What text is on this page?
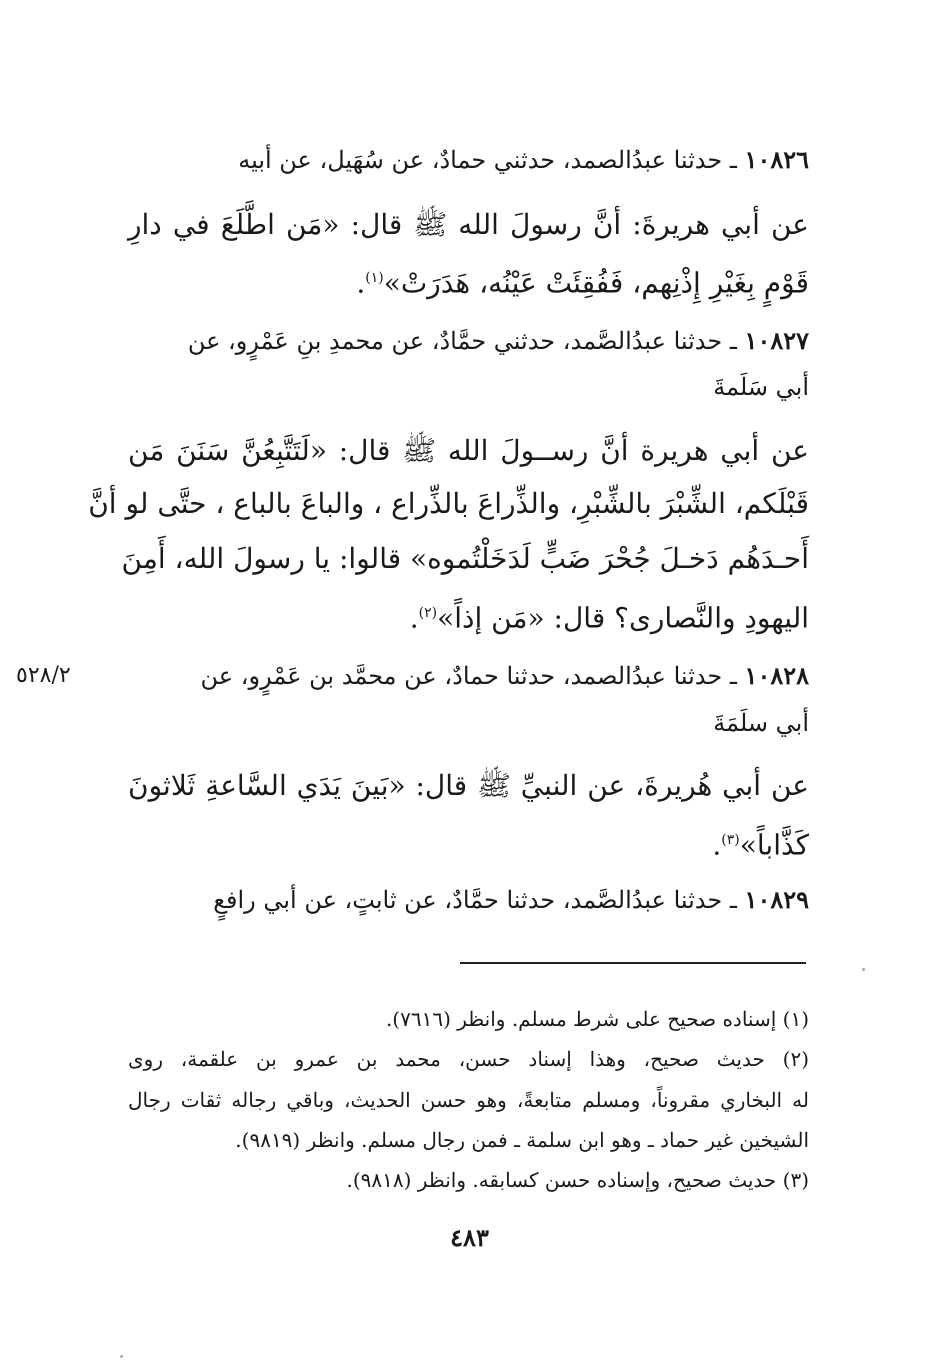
١٠٨٢٦ ـ حدثنا عبدُالصمد، حدثني حمادٌ، عن سُهَيل، عن أبيه
عن أبي هريرةَ: أنَّ رسولَ الله ﷺ قال: «مَن اطَّلَعَ في دارِ
قَوْمٍ بِغَيْرِ إِذْنِهم، فَفُقِئَتْ عَيْنُه، هَدَرَتْ»$^{(١)}$.
١٠٨٢٧ ـ حدثنا عبدُالصَّمد، حدثني حمَّادٌ، عن محمدِ بنِ عَمْرٍو، عن
أبي سَلَمةَ
عن أبي هريرة أنَّ رســولَ الله ﷺ قال: «لَتَتَّبِعُنَّ سَنَنَ مَن
قَبْلَكم، الشِّبْرَ بالشِّبْرِ، والذِّراعَ بالذِّراع ، والباعَ بالباع ، حتَّى لو أنَّ
أَحـدَهُم دَخـلَ جُحْرَ ضَبٍّ لَدَخَلْتُموه» قالوا: يا رسولَ الله، أَمِنَ
اليهودِ والنَّصارى؟ قال: «مَن إذاً»$^{(٢)}$.
١٠٨٢٨ ـ حدثنا عبدُالصمد، حدثنا حمادٌ، عن محمَّد بن عَمْرٍو، عن
أبي سلَمَةَ
٥٢٨/٢
عن أبي هُريرةَ، عن النبيِّ ﷺ قال: «بَينَ يَدَي السَّاعةِ ثَلاثونَ
كَذَّاباً»$^{(٣)}$.
١٠٨٢٩ ـ حدثنا عبدُالصَّمد، حدثنا حمَّادٌ، عن ثابتٍ، عن أبي رافعٍ
(١) إسناده صحيح على شرط مسلم. وانظر (٧٦١٦).
(٢) حديث صحيح، وهذا إسناد حسن، محمد بن عمرو بن علقمة، روى
له البخاري مقروناً، ومسلم متابعةً، وهو حسن الحديث، وباقي رجاله ثقات رجال
الشيخين غير حماد ـ وهو ابن سلمة ـ فمن رجال مسلم. وانظر (٩٨١٩).
(٣) حديث صحيح، وإسناده حسن كسابقه. وانظر (٩٨١٨).
٤٨٣
